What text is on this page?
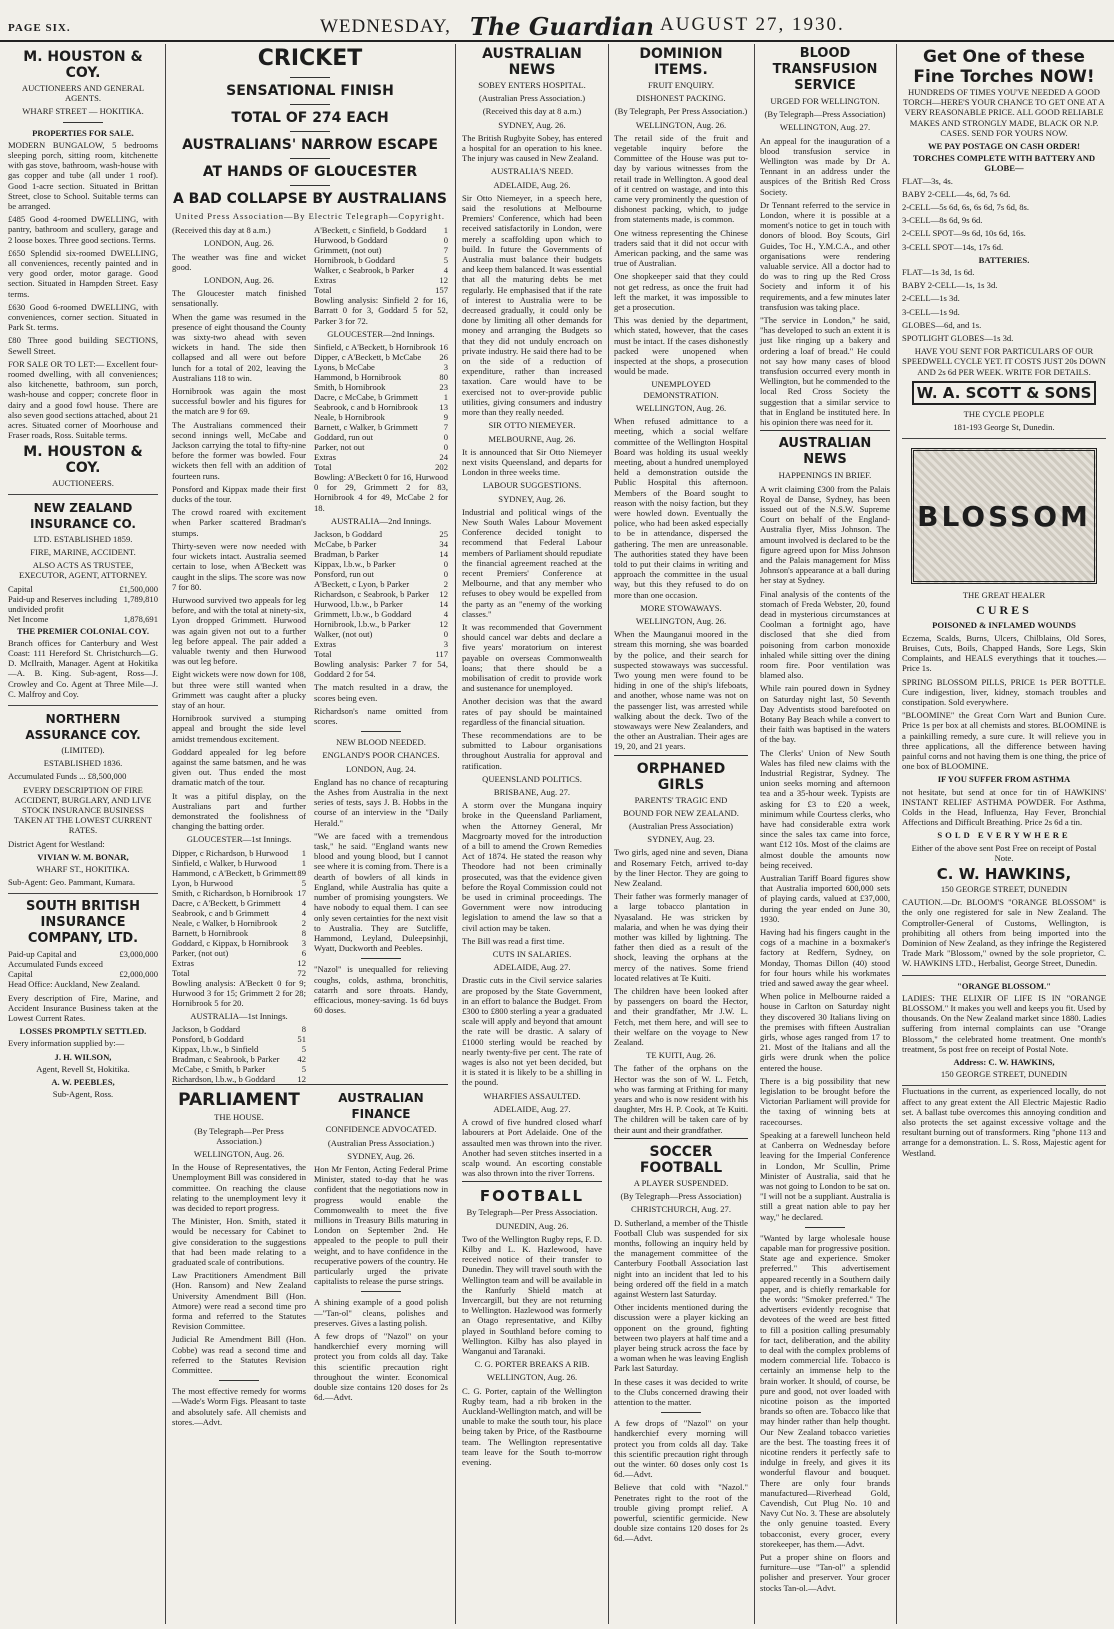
PAGE SIX.	WEDNESDAY, The Guardian AUGUST 27, 1930.
M. HOUSTON & COY.

AUCTIONEERS AND GENERAL AGENTS.

WHARF STREET — HOKITIKA.

PROPERTIES FOR SALE.

MODERN BUNGALOW, 5 bedrooms sleeping porch, sitting room, kitchenette with gas stove, bathroom, wash-house with gas copper and tube (all under 1 roof). Good 1-acre section. Situated in Brittan Street, close to School. Suitable terms can be arranged.

£485 Good 4-roomed DWELLING, with pantry, bathroom and scullery, garage and 2 loose boxes. Three good sections. Terms.

£650 Splendid six-roomed DWELLING, all conveniences, recently painted and in very good order, motor garage. Good section. Situated in Hampden Street. Easy terms.

£630 Good 6-roomed DWELLING, with conveniences, corner section. Situated in Park St. terms.

£80 Three good building SECTIONS, Sewell Street.

FOR SALE OR TO LET:— Excellent four-roomed dwelling, with all conveniences; also kitchenette, bathroom, sun porch, wash-house and copper; concrete floor in dairy and a good fowl house. There are also seven good sections attached, about 21 acres. Situated corner of Moorhouse and Fraser roads, Ross. Suitable terms.

M. HOUSTON & COY.

AUCTIONEERS.

NEW ZEALAND INSURANCE CO.

LTD. ESTABLISHED 1859.

FIRE, MARINE, ACCIDENT.

ALSO ACTS AS TRUSTEE, EXECUTOR, AGENT, ATTORNEY.

Capital	£1,500,000
Paid-up and Reserves including undivided profit
1,789,810
Net Income	1,878,691

THE PREMIER COLONIAL COY.

Branch offices for Canterbury and West Coast: 111 Hereford St. Christchurch—G. D. McIlraith, Manager. Agent at Hokitika—A. B. King. Sub-agent, Ross—J. Crowley and Co. Agent at Three Mile—J. C. Malfroy and Coy.

NORTHERN ASSURANCE COY.

(LIMITED).

ESTABLISHED 1836.

Accumulated Funds ... £8,500,000

EVERY DESCRIPTION OF FIRE ACCIDENT, BURGLARY, AND LIVE STOCK INSURANCE BUSINESS TAKEN AT THE LOWEST CURRENT RATES.

District Agent for Westland:

VIVIAN W. M. BONAR,

WHARF ST., HOKITIKA.

Sub-Agent: Geo. Pammant, Kumara.

SOUTH BRITISH INSURANCE COMPANY, LTD.
Paid-up Capital and Accumulated Funds exceed
£3,000,000
Capital	£2,000,000

Head Office: Auckland, New Zealand.

Every description of Fire, Marine, and Accident Insurance Business taken at the Lowest Current Rates.

LOSSES PROMPTLY SETTLED.

Every information supplied by:—

J. H. WILSON,

Agent, Revell St, Hokitika.

A. W. PEEBLES,

Sub-Agent, Ross.

CRICKET
SENSATIONAL FINISH
TOTAL OF 274 EACH
AUSTRALIANS' NARROW ESCAPE
AT HANDS OF GLOUCESTER
A BAD COLLAPSE BY AUSTRALIANS

United Press Association—By Electric Telegraph—Copyright.

(Received this day at 8 a.m.)

LONDON, Aug. 26.

The weather was fine and wicket good.

LONDON, Aug. 26.

The Gloucester match finished sensationally.

When the game was resumed in the presence of eight thousand the County was sixty-two ahead with seven wickets in hand. The side then collapsed and all were out before lunch for a total of 202, leaving the Australians 118 to win.

Hornibrook was again the most successful bowler and his figures for the match are 9 for 69.

The Australians commenced their second innings well, McCabe and Jackson carrying the total to fifty-nine before the former was bowled. Four wickets then fell with an addition of fourteen runs.

Ponsford and Kippax made their first ducks of the tour.

The crowd roared with excitement when Parker scattered Bradman's stumps.

Thirty-seven were now needed with four wickets intact. Australia seemed certain to lose, when A'Beckett was caught in the slips. The score was now 7 for 80.

Hurwood survived two appeals for leg before, and with the total at ninety-six, Lyon dropped Grimmett. Hurwood was again given not out to a further leg before appeal. The pair added a valuable twenty and then Hurwood was out leg before.

Eight wickets were now down for 108, but three were still wanted when Grimmett was caught after a plucky stay of an hour.

Hornibrook survived a stumping appeal and brought the side level amidst tremendous excitement.

Goddard appealed for leg before against the same batsmen, and he was given out. Thus ended the most dramatic match of the tour.

It was a pitiful display, on the Australians part and further demonstrated the foolishness of changing the batting order.

GLOUCESTER—1st Innings.

Dipper, c Richardson, b Hurwood 1
Sinfield, c Walker, b Hurwood	1
Hammond, c A'Beckett, b Grimmett 89
Lyon, b Hurwood	5
Smith, c Richardson, b Hornibrook 17
Dacre, c A'Beckett, b Grimmett 4
Seabrook, c and b Grimmett	4
Neale, c Walker, b Hornibrook	2
Barnett, b Hornibrook	8
Goddard, c Kippax, b Hornibrook 3
Parker, (not out)	6
Extras	12
Total	72

Bowling analysis: A'Beckett 0 for 9; Hurwood 3 for 15; Grimmett 2 for 28; Hornibrook 5 for 20.

AUSTRALIA—1st Innings.

Jackson, b Goddard	8
Ponsford, b Goddard	51
Kippax, l.b.w., b Sinfield	5
Bradman, c Seabrook, b Parker 42
McCabe, c Smith, b Parker	5
Richardson, l.b.w., b Goddard	12
A'Beckett, c Sinfield, b Goddard 1
Hurwood, b Goddard	0
Grimmett, (not out)	7
Hornibrook, b Goddard	5
Walker, c Seabrook, b Parker	4
Extras	12
Total	157

Bowling analysis: Sinfield 2 for 16, Barratt 0 for 3, Goddard 5 for 52, Parker 3 for 72.

GLOUCESTER—2nd Innings.

Sinfield, c A'Beckett, b Hornibrook 16
Dipper, c A'Beckett, b McCabe 26
Lyons, b McCabe	3
Hammond, b Hornibrook	80
Smith, b Hornibrook	23
Dacre, c McCabe, b Grimmett	1
Seabrook, c and b Hornibrook	13
Neale, b Hornibrook	9
Barnett, c Walker, b Grimmett	7
Goddard, run out	0
Parker, not out	0
Extras	24
Total	202

Bowling: A'Beckett 0 for 16, Hurwood 0 for 29, Grimmett 2 for 83, Hornibrook 4 for 49, McCabe 2 for 18.

AUSTRALIA—2nd Innings.

Jackson, b Goddard	25
McCabe, b Parker	34
Bradman, b Parker	14
Kippax, l.b.w., b Parker	0
Ponsford, run out	0
A'Beckett, c Lyon, b Parker	2
Richardson, c Seabrook, b Parker 12
Hurwood, l.b.w., b Parker	14
Grimmett, l.b.w., b Goddard	4
Hornibrook, l.b.w., b Parker	12
Walker, (not out)	0
Extras	3
Total	117

Bowling analysis: Parker 7 for 54, Goddard 2 for 54.

The match resulted in a draw, the scores being even.

Richardson's name omitted from scores.

NEW BLOOD NEEDED.

ENGLAND'S POOR CHANCES.

LONDON, Aug. 24.

England has no chance of recapturing the Ashes from Australia in the next series of tests, says J. B. Hobbs in the course of an interview in the "Daily Herald."

"We are faced with a tremendous task," he said. "England wants new blood and young blood, but I cannot see where it is coming from. There is a dearth of bowlers of all kinds in England, while Australia has quite a number of promising youngsters. We have nobody to equal them. I can see only seven certainties for the next visit to Australia. They are Sutcliffe, Hammond, Leyland, Duleepsinhji, Wyatt, Duckworth and Peebles.

"Nazol" is unequalled for relieving coughs, colds, asthma, bronchitis, catarrh and sore throats. Handy, efficacious, money-saving. 1s 6d buys 60 doses.

PARLIAMENT

THE HOUSE.

(By Telegraph—Per Press Association.)

WELLINGTON, Aug. 26.

In the House of Representatives, the Unemployment Bill was considered in committee. On reaching the clause relating to the unemployment levy it was decided to report progress.

The Minister, Hon. Smith, stated it would be necessary for Cabinet to give consideration to the suggestions that had been made relating to a graduated scale of contributions.

Law Practitioners Amendment Bill (Hon. Ransom) and New Zealand University Amendment Bill (Hon. Atmore) were read a second time pro forma and referred to the Statutes Revision Committee.

Judicial Re Amendment Bill (Hon. Cobbe) was read a second time and referred to the Statutes Revision Committee.

The most effective remedy for worms —Wade's Worm Figs. Pleasant to taste and absolutely safe. All chemists and stores.—Advt.

AUSTRALIAN FINANCE

CONFIDENCE ADVOCATED.

(Australian Press Association.)

SYDNEY, Aug. 26.

Hon Mr Fenton, Acting Federal Prime Minister, stated to-day that he was confident that the negotiations now in progress would enable the Commonwealth to meet the five millions in Treasury Bills maturing in London on September 2nd. He appealed to the people to pull their weight, and to have confidence in the recuperative powers of the country. He particularly urged the private capitalists to release the purse strings.

A shining example of a good polish —"Tan-ol" cleans, polishes and preserves. Gives a lasting polish.

A few drops of "Nazol" on your handkerchief every morning will protect you from colds all day. Take this scientific precaution right throughout the winter. Economical double size contains 120 doses for 2s 6d.—Advt.

AUSTRALIAN NEWS

SOBEY ENTERS HOSPITAL.

(Australian Press Association.)

(Received this day at 8 a.m.)

SYDNEY, Aug. 26.

The British Rugbyite Sobey, has entered a hospital for an operation to his knee. The injury was caused in New Zealand.

AUSTRALIA'S NEED.

ADELAIDE, Aug. 26.

Sir Otto Niemeyer, in a speech here, said the resolutions at Melbourne Premiers' Conference, which had been received satisfactorily in London, were merely a scaffolding upon which to build. In future the Governments of Australia must balance their budgets and keep them balanced. It was essential that all the maturing debts be met regularly. He emphasised that if the rate of interest to Australia were to be decreased gradually, it could only be done by limiting all other demands for money and arranging the Budgets so that they did not unduly encroach on private industry. He said there had to be on the side of a reduction of expenditure, rather than increased taxation. Care would have to be exercised not to over-provide public utilities, giving consumers and industry more than they really needed.

SIR OTTO NIEMEYER.

MELBOURNE, Aug. 26.

It is announced that Sir Otto Niemeyer next visits Queensland, and departs for London in three weeks time.

LABOUR SUGGESTIONS.

SYDNEY, Aug. 26.

Industrial and political wings of the New South Wales Labour Movement Conference decided tonight to recommend that Federal Labour members of Parliament should repudiate the financial agreement reached at the recent Premiers' Conference at Melbourne, and that any member who refuses to obey would be expelled from the party as an "enemy of the working classes."

It was recommended that Government should cancel war debts and declare a five years' moratorium on interest payable on overseas Commonwealth loans; that there should be a mobilisation of credit to provide work and sustenance for unemployed.

Another decision was that the award rates of pay should be maintained regardless of the financial situation.

These recommendations are to be submitted to Labour organisations throughout Australia for approval and ratification.

QUEENSLAND POLITICS.

BRISBANE, Aug. 27.

A storm over the Mungana inquiry broke in the Queensland Parliament, when the Attorney General, Mr Macgroarty moved for the introduction of a bill to amend the Crown Remedies Act of 1874. He stated the reason why Theodore had not been criminally prosecuted, was that the evidence given before the Royal Commission could not be used in criminal proceedings. The Government were now introducing legislation to amend the law so that a civil action may be taken.

The Bill was read a first time.

CUTS IN SALARIES.

ADELAIDE, Aug. 27.

Drastic cuts in the Civil service salaries are proposed by the State Government, in an effort to balance the Budget. From £300 to £800 sterling a year a graduated scale will apply and beyond that amount the rate will be drastic. A salary of £1000 sterling would be reached by nearly twenty-five per cent. The rate of wages is also not yet been decided, but it is stated it is likely to be a shilling in the pound.

WHARFIES ASSAULTED.

ADELAIDE, Aug. 27.

A crowd of five hundred closed wharf labourers at Port Adelaide. One of the assaulted men was thrown into the river. Another had seven stitches inserted in a scalp wound. An escorting constable was also thrown into the river Torrens.

FOOTBALL

By Telegraph—Per Press Association.

DUNEDIN, Aug. 26.

Two of the Wellington Rugby reps, F. D. Kilby and L. K. Hazlewood, have received notice of their transfer to Dunedin. They will travel south with the Wellington team and will be available in the Ranfurly Shield match at Invercargill, but they are not returning to Wellington. Hazlewood was formerly an Otago representative, and Kilby played in Southland before coming to Wellington. Kilby has also played in Wanganui and Taranaki.

C. G. PORTER BREAKS A RIB.

WELLINGTON, Aug. 26.

C. G. Porter, captain of the Wellington Rugby team, had a rib broken in the Auckland-Wellington match, and will be unable to make the south tour, his place being taken by Price, of the Rastbourne team. The Wellington representative team leave for the South to-morrow evening.

DOMINION ITEMS.

FRUIT ENQUIRY.

DISHONEST PACKING.

(By Telegraph, Per Press Association.)

WELLINGTON, Aug. 26.

The retail side of the fruit and vegetable inquiry before the Committee of the House was put to-day by various witnesses from the retail trade in Wellington. A good deal of it centred on wastage, and into this came very prominently the question of dishonest packing, which, to judge from statements made, is common.

One witness representing the Chinese traders said that it did not occur with American packing, and the same was true of Australian.

One shopkeeper said that they could not get redress, as once the fruit had left the market, it was impossible to get a prosecution.

This was denied by the department, which stated, however, that the cases must be intact. If the cases dishonestly packed were unopened when inspected at the shops, a prosecution would be made.

UNEMPLOYED DEMONSTRATION.

WELLINGTON, Aug. 26.

When refused admittance to a meeting, which a social welfare committee of the Wellington Hospital Board was holding its usual weekly meeting, about a hundred unemployed held a demonstration outside the Public Hospital this afternoon. Members of the Board sought to reason with the noisy faction, but they were howled down. Eventually the police, who had been asked especially to be in attendance, dispersed the gathering. The men are unreasonable. The authorities stated they have been told to put their claims in writing and approach the committee in the usual way, but this they refused to do on more than one occasion.

MORE STOWAWAYS.

WELLINGTON, Aug. 26.

When the Maunganui moored in the stream this morning, she was boarded by the police, and their search for suspected stowaways was successful. Two young men were found to be hiding in one of the ship's lifeboats, and another, whose name was not on the passenger list, was arrested while walking about the deck. Two of the stowaways were New Zealanders, and the other an Australian. Their ages are 19, 20, and 21 years.

ORPHANED GIRLS

PARENTS' TRAGIC END

BOUND FOR NEW ZEALAND.

(Australian Press Association)

SYDNEY, Aug. 23.

Two girls, aged nine and seven, Diana and Rosemary Fetch, arrived to-day by the liner Hector. They are going to New Zealand.

Their father was formerly manager of a large tobacco plantation in Nyasaland. He was stricken by malaria, and when he was dying their mother was killed by lightning. The father then died as a result of the shock, leaving the orphans at the mercy of the natives. Some friend located relatives at Te Kuiti.

The children have been looked after by passengers on board the Hector, and their grandfather, Mr J.W. L. Fetch, met them here, and will see to their welfare on the voyage to New Zealand.

TE KUITI, Aug. 26.

The father of the orphans on the Hector was the son of W. L. Fetch, who was farming at Frithing for many years and who is now resident with his daughter, Mrs H. P. Cook, at Te Kuiti. The children will be taken care of by their aunt and their grandfather.

SOCCER FOOTBALL

A PLAYER SUSPENDED.

(By Telegraph—Press Association)

CHRISTCHURCH, Aug. 27.

D. Sutherland, a member of the Thistle Football Club was suspended for six months, following an inquiry held by the management committee of the Canterbury Football Association last night into an incident that led to his being ordered off the field in a match against Western last Saturday.

Other incidents mentioned during the discussion were a player kicking an opponent on the ground, fighting between two players at half time and a player being struck across the face by a woman when he was leaving English Park last Saturday.

In these cases it was decided to write to the Clubs concerned drawing their attention to the matter.

A few drops of "Nazol" on your handkerchief every morning will protect you from colds all day. Take this scientific precaution right through out the winter. 60 doses only cost 1s 6d.—Advt.

Believe that cold with "Nazol." Penetrates right to the root of the trouble giving prompt relief. A powerful, scientific germicide. New double size contains 120 doses for 2s 6d.—Advt.

BLOOD TRANSFUSION SERVICE

URGED FOR WELLINGTON.

(By Telegraph—Press Association)

WELLINGTON, Aug. 27.

An appeal for the inauguration of a blood transfusion service in Wellington was made by Dr A. Tennant in an address under the auspices of the British Red Cross Society.

Dr Tennant referred to the service in London, where it is possible at a moment's notice to get in touch with donors of blood. Boy Scouts, Girl Guides, Toc H., Y.M.C.A., and other organisations were rendering valuable service. All a doctor had to do was to ring up the Red Cross Society and inform it of his requirements, and a few minutes later transfusion was taking place.

"The service in London," he said, "has developed to such an extent it is just like ringing up a bakery and ordering a loaf of bread." He could not say how many cases of blood transfusion occurred every month in Wellington, but he commended to the local Red Cross Society the suggestion that a similar service to that in England be instituted here. In his opinion there was need for it.

AUSTRALIAN NEWS

HAPPENINGS IN BRIEF.

A writ claiming £300 from the Palais Royal de Danse, Sydney, has been issued out of the N.S.W. Supreme Court on behalf of the England-Australia flyer, Miss Johnson. The amount involved is declared to be the figure agreed upon for Miss Johnson and the Palais management for Miss Johnson's appearance at a ball during her stay at Sydney.

Final analysis of the contents of the stomach of Freda Webster, 20, found dead in mysterious circumstances at Coolman a fortnight ago, have disclosed that she died from poisoning from carbon monoxide inhaled while sitting over the dining room fire. Poor ventilation was blamed also.

While rain poured down in Sydney on Saturday night last, 50 Seventh Day Adventists stood barefooted on Botany Bay Beach while a convert to their faith was baptised in the waters of the bay.

The Clerks' Union of New South Wales has filed new claims with the Industrial Registrar, Sydney. The union seeks morning and afternoon tea and a 35-hour week. Typists are asking for £3 to £20 a week, minimum while Courtess clerks, who have had considerable extra work since the sales tax came into force, want £12 10s. Most of the claims are almost double the amounts now being received.

Australian Tariff Board figures show that Australia imported 600,000 sets of playing cards, valued at £37,000, during the year ended on June 30, 1930.

Having had his fingers caught in the cogs of a machine in a boxmaker's factory at Redfern, Sydney, on Monday, Thomas Dillon (40) stood for four hours while his workmates tried and sawed away the gear wheel.

When police in Melbourne raided a house in Carlton on Saturday night they discovered 30 Italians living on the premises with fifteen Australian girls, whose ages ranged from 17 to 21. Most of the Italians and all the girls were drunk when the police entered the house.

There is a big possibility that new legislation to be brought before the Victorian Parliament will provide for the taxing of winning bets at racecourses.

Speaking at a farewell luncheon held at Canberra on Wednesday before leaving for the Imperial Conference in London, Mr Scullin, Prime Minister of Australia, said that he was not going to London to be sat on. "I will not be a suppliant. Australia is still a great nation able to pay her way," he declared.

"Wanted by large wholesale house capable man for progressive position. State age and experience. Smoker preferred." This advertisement appeared recently in a Southern daily paper, and is chiefly remarkable for the words: "Smoker preferred." The advertisers evidently recognise that devotees of the weed are best fitted to fill a position calling presumably for tact, deliberation, and the ability to deal with the complex problems of modern commercial life. Tobacco is certainly an immense help to the brain worker. It should, of course, be pure and good, not over loaded with nicotine poison as the imported brands so often are. Tobacco like that may hinder rather than help thought. Our New Zealand tobacco varieties are the best. The toasting frees it of nicotine renders it perfectly safe to indulge in freely, and gives it its wonderful flavour and bouquet. There are only four brands manufactured—Riverhead Gold, Cavendish, Cut Plug No. 10 and Navy Cut No. 3. These are absolutely the only genuine toasted. Every tobacconist, every grocer, every storekeeper, has them.—Advt.

Put a proper shine on floors and furniture—use "Tan-ol" a splendid polisher and preserver. Your grocer stocks Tan-ol.—Advt.

Get One of these Fine Torches NOW!

HUNDREDS OF TIMES YOU'VE NEEDED A GOOD TORCH—HERE'S YOUR CHANCE TO GET ONE AT A VERY REASONABLE PRICE. ALL GOOD RELIABLE MAKES AND STRONGLY MADE, BLACK OR N.P. CASES. SEND FOR YOURS NOW.

WE PAY POSTAGE ON CASH ORDER!

TORCHES COMPLETE WITH BATTERY AND GLOBE—

FLAT—3s, 4s.

BABY 2-CELL—4s, 6d, 7s 6d.

2-CELL—5s 6d, 6s, 6s 6d, 7s 6d, 8s.

3-CELL—8s 6d, 9s 6d.

2-CELL SPOT—9s 6d, 10s 6d, 16s.

3-CELL SPOT—14s, 17s 6d.

BATTERIES.

FLAT—1s 3d, 1s 6d.

BABY 2-CELL—1s, 1s 3d.

2-CELL—1s 3d.

3-CELL—1s 9d.

GLOBES—6d, and 1s.

SPOTLIGHT GLOBES—1s 3d.

HAVE YOU SENT FOR PARTICULARS OF OUR SPEEDWELL CYCLE YET. IT COSTS JUST 20s DOWN AND 2s 6d PER WEEK. WRITE FOR DETAILS.

W. A. SCOTT & SONS

THE CYCLE PEOPLE

181-193 George St, Dunedin.

BLOSSOM

THE GREAT HEALER

CURES

POISONED & INFLAMED WOUNDS

Eczema, Scalds, Burns, Ulcers, Chilblains, Old Sores, Bruises, Cuts, Boils, Chapped Hands, Sore Legs, Skin Complaints, and HEALS everythings that it touches.—Price 1s.

SPRING BLOSSOM PILLS, PRICE 1s PER BOTTLE. Cure indigestion, liver, kidney, stomach troubles and constipation. Sold everywhere.

"BLOOMINE" the Great Corn Wart and Bunion Cure. Price 1s per box at all chemists and stores. BLOOMINE is a painkilling remedy, a sure cure. It will relieve you in three applications, all the difference between having painful corns and not having them is one thing, the price of one box of BLOOMINE.

IF YOU SUFFER FROM ASTHMA

not hesitate, but send at once for tin of HAWKINS' INSTANT RELIEF ASTHMA POWDER. For Asthma, Colds in the Head, Influenza, Hay Fever, Bronchial Affections and Difficult Breathing. Price 2s 6d a tin.

SOLD EVERYWHERE

Either of the above sent Post Free on receipt of Postal Note.

C. W. HAWKINS,

150 GEORGE STREET, DUNEDIN

CAUTION.—Dr. BLOOM'S "ORANGE BLOSSOM" is the only one registered for sale in New Zealand. The Comptroller-General of Customs, Wellington, is prohibiting all others from being imported into the Dominion of New Zealand, as they infringe the Registered Trade Mark "Blossom," owned by the sole proprietor, C. W. HAWKINS LTD., Herbalist, George Street, Dunedin.

"ORANGE BLOSSOM."

LADIES: THE ELIXIR OF LIFE IS IN "ORANGE BLOSSOM." It makes you well and keeps you fit. Used by thousands. On the New Zealand market since 1880. Ladies suffering from internal complaints can use "Orange Blossom," the celebrated home treatment. One month's treatment, 5s post free on receipt of Postal Note.

Address: C. W. HAWKINS,

150 GEORGE STREET, DUNEDIN

Fluctuations in the current, as experienced locally, do not affect to any great extent the All Electric Majestic Radio set. A ballast tube overcomes this annoying condition and also protects the set against excessive voltage and the resultant burning out of transformers. Ring "phone 113 and arrange for a demonstration. L. S. Ross, Majestic agent for Westland.
